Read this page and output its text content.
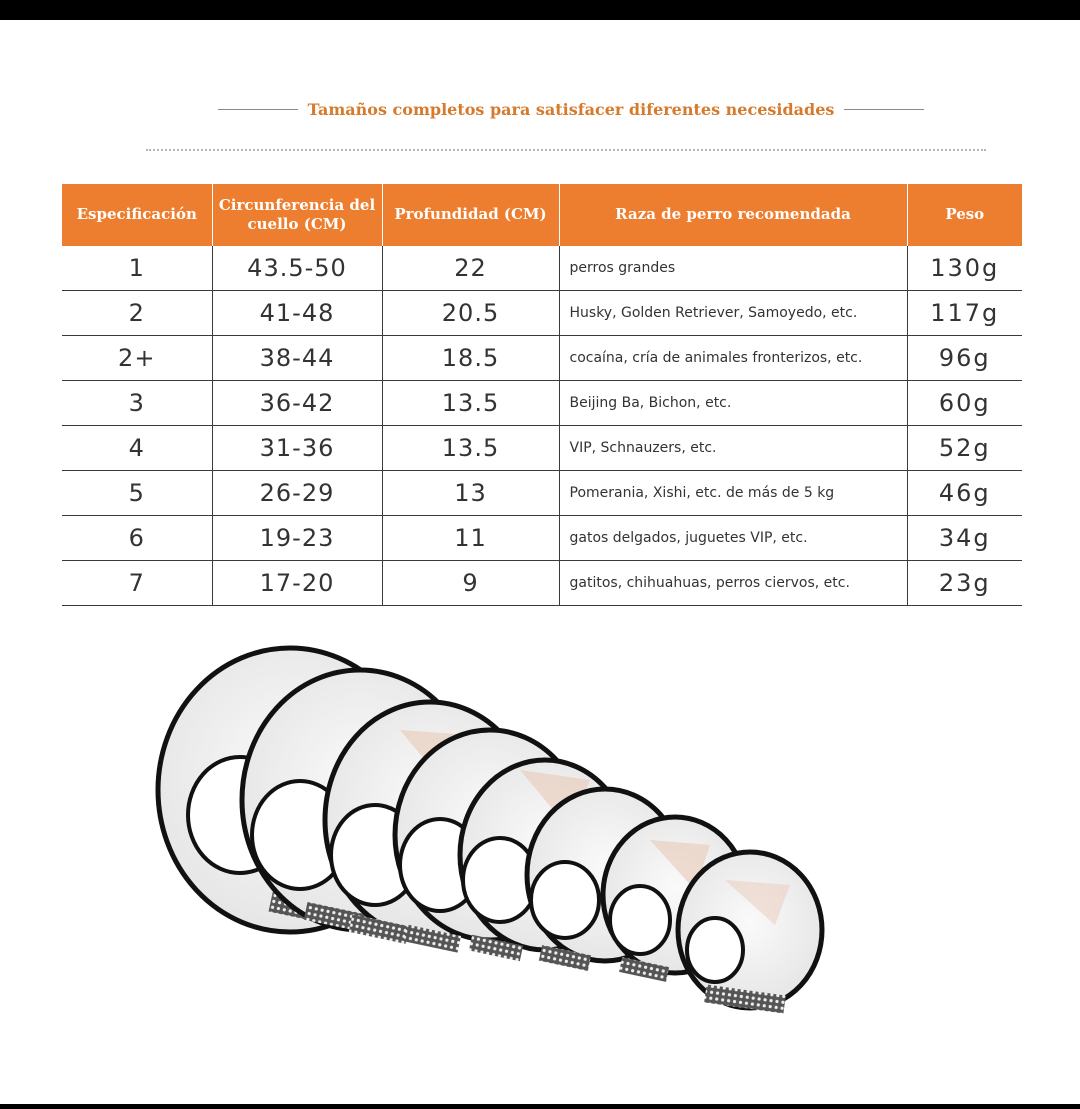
Tamaños completos para satisfacer diferentes necesidades
Especificación	Circunferencia del cuello (CM)	Profundidad (CM)	Raza de perro recomendada	Peso
1	43.5-50	22	perros grandes	130g
2	41-48	20.5	Husky, Golden Retriever, Samoyedo, etc.	117g
2+	38-44	18.5	cocaína, cría de animales fronterizos, etc.	96g
3	36-42	13.5	Beijing Ba, Bichon, etc.	60g
4	31-36	13.5	VIP, Schnauzers, etc.	52g
5	26-29	13	Pomerania, Xishi, etc. de más de 5 kg	46g
6	19-23	11	gatos delgados, juguetes VIP, etc.	34g
7	17-20	9	gatitos, chihuahuas, perros ciervos, etc.	23g
